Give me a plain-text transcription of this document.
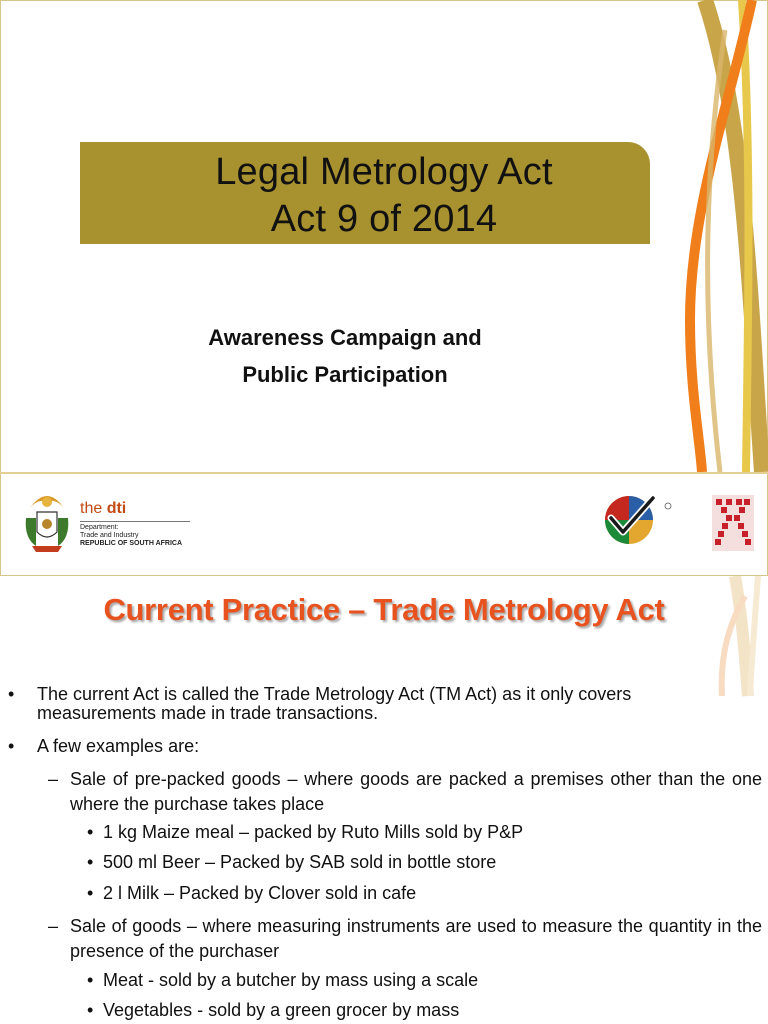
Legal Metrology Act
Act 9 of 2014
Awareness Campaign and
Public Participation
the dti
Department:
Trade and Industry
REPUBLIC OF SOUTH AFRICA
Current Practice – Trade Metrology Act
• The current Act is called the Trade Metrology Act (TM Act) as it only covers measurements made in trade transactions.
• A few examples are:
– Sale of pre-packed goods – where goods are packed a premises other than the one where the purchase takes place
• 1 kg Maize meal – packed by Ruto Mills sold by P&P
• 500 ml Beer – Packed by SAB sold in bottle store
• 2 l Milk – Packed by Clover sold in cafe
– Sale of goods – where measuring instruments are used to measure the quantity in the presence of the purchaser
• Meat - sold by a butcher by mass using a scale
• Vegetables - sold by a green grocer by mass
